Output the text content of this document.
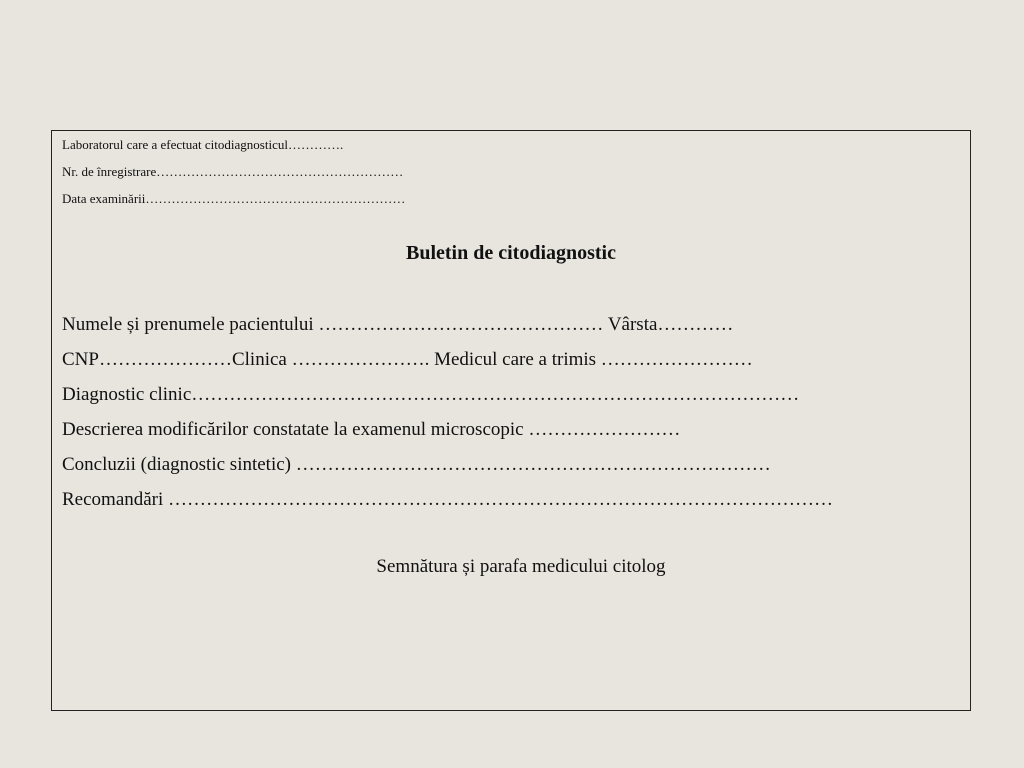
Laboratorul care a efectuat citodiagnosticul………….
Nr. de înregistrare…………………………………………………
Data examinării……………………………………………………
Buletin de citodiagnostic
Numele și prenumele pacientului ……………………………………… Vârsta…………
CNP…………………Clinica …………………. Medicul care a trimis ……………………
Diagnostic clinic……………………………………………………………………………………
Descrierea modificărilor constatate la examenul microscopic ……………………
Concluzii (diagnostic sintetic) …………………………………………………………………
Recomandări ……………………………………………………………………………………………
Semnătura și parafa medicului citolog
